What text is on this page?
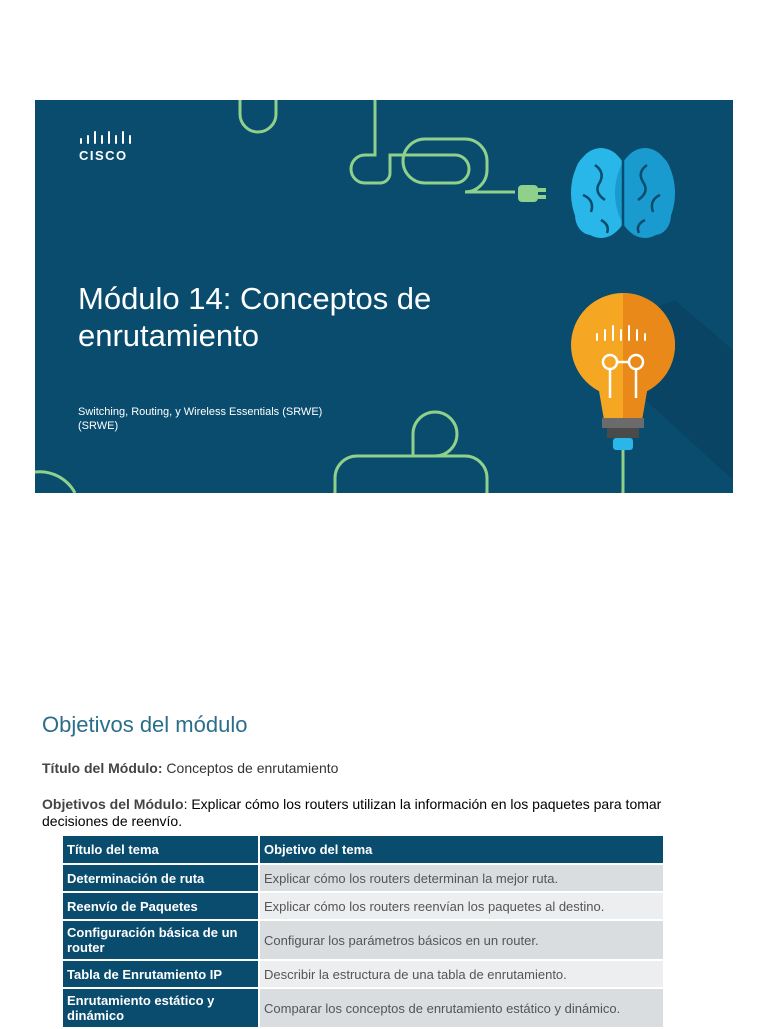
CISCO
Módulo 14: Conceptos de
enrutamiento
Switching, Routing, y Wireless Essentials (SRWE)
(SRWE)
Objetivos del módulo
Título del Módulo: Conceptos de enrutamiento
Objetivos del Módulo: Explicar cómo los routers utilizan la información en los paquetes para tomar decisiones de reenvío.
Título del tema	Objetivo del tema
Determinación de ruta	Explicar cómo los routers determinan la mejor ruta.
Reenvío de Paquetes	Explicar cómo los routers reenvían los paquetes al destino.
Configuración básica de un router	Configurar los parámetros básicos en un router.
Tabla de Enrutamiento IP	Describir la estructura de una tabla de enrutamiento.
Enrutamiento estático y dinámico	Comparar los conceptos de enrutamiento estático y dinámico.
